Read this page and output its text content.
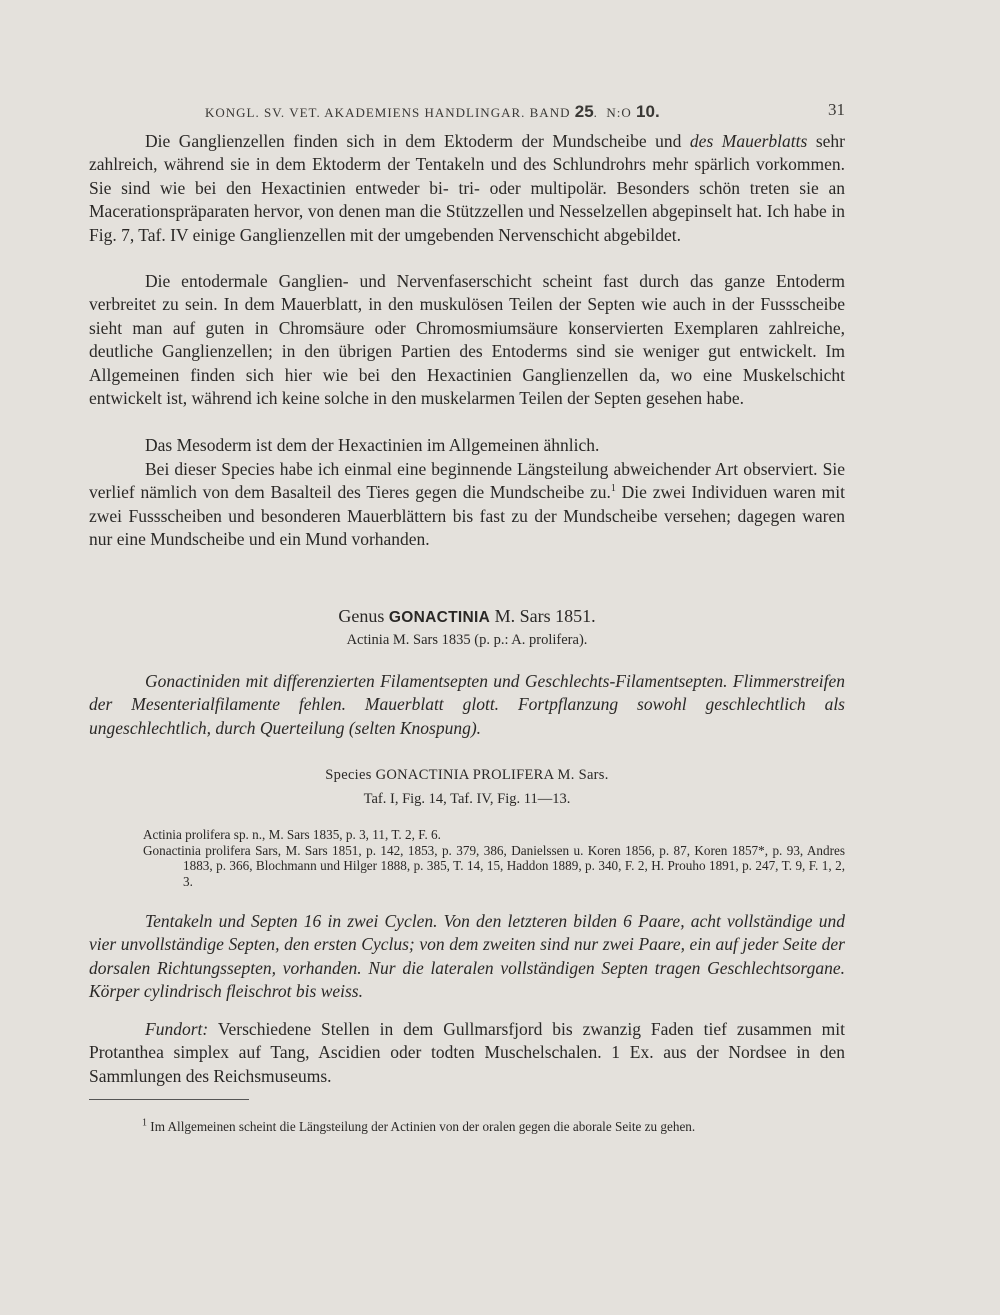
KONGL. SV. VET. AKADEMIENS HANDLINGAR. BAND 25.  N:O 10.	31

Die Ganglienzellen finden sich in dem Ektoderm der Mundscheibe und des Mauerblatts sehr zahlreich, während sie in dem Ektoderm der Tentakeln und des Schlundrohrs mehr spärlich vorkommen. Sie sind wie bei den Hexactinien entweder bi- tri- oder multipolär. Besonders schön treten sie an Macerationspräparaten hervor, von denen man die Stützzellen und Nesselzellen abgepinselt hat. Ich habe in Fig. 7, Taf. IV einige Ganglienzellen mit der umgebenden Nervenschicht abgebildet.

Die entodermale Ganglien- und Nervenfaserschicht scheint fast durch das ganze Entoderm verbreitet zu sein. In dem Mauerblatt, in den muskulösen Teilen der Septen wie auch in der Fussscheibe sieht man auf guten in Chromsäure oder Chromosmiumsäure konservierten Exemplaren zahlreiche, deutliche Ganglienzellen; in den übrigen Partien des Entoderms sind sie weniger gut entwickelt. Im Allgemeinen finden sich hier wie bei den Hexactinien Ganglienzellen da, wo eine Muskelschicht entwickelt ist, während ich keine solche in den muskelarmen Teilen der Septen gesehen habe.

Das Mesoderm ist dem der Hexactinien im Allgemeinen ähnlich.

Bei dieser Species habe ich einmal eine beginnende Längsteilung abweichender Art observiert. Sie verlief nämlich von dem Basalteil des Tieres gegen die Mundscheibe zu.$^1$ Die zwei Individuen waren mit zwei Fussscheiben und besonderen Mauerblättern bis fast zu der Mundscheibe versehen; dagegen waren nur eine Mundscheibe und ein Mund vorhanden.

Genus GONACTINIA M. Sars 1851.
Actinia M. Sars 1835 (p. p.: A. prolifera).

Gonactiniden mit differenzierten Filamentsepten und Geschlechts-Filamentsepten. Flimmerstreifen der Mesenterialfilamente fehlen. Mauerblatt glott. Fortpflanzung sowohl geschlechtlich als ungeschlechtlich, durch Querteilung (selten Knospung).

Species GONACTINIA PROLIFERA M. Sars.
Taf. I, Fig. 14, Taf. IV, Fig. 11—13.
Actinia prolifera sp. n., M. Sars 1835, p. 3, 11, T. 2, F. 6.
Gonactinia prolifera Sars, M. Sars 1851, p. 142, 1853, p. 379, 386, Danielssen u. Koren 1856, p. 87, Koren 1857*, p. 93, Andres 1883, p. 366, Blochmann und Hilger 1888, p. 385, T. 14, 15, Haddon 1889, p. 340, F. 2, H. Prouho 1891, p. 247, T. 9, F. 1, 2, 3.

Tentakeln und Septen 16 in zwei Cyclen. Von den letzteren bilden 6 Paare, acht vollständige und vier unvollständige Septen, den ersten Cyclus; von dem zweiten sind nur zwei Paare, ein auf jeder Seite der dorsalen Richtungssepten, vorhanden. Nur die lateralen vollständigen Septen tragen Geschlechtsorgane. Körper cylindrisch fleischrot bis weiss.

Fundort: Verschiedene Stellen in dem Gullmarsfjord bis zwanzig Faden tief zusammen mit Protanthea simplex auf Tang, Ascidien oder todten Muschelschalen. 1 Ex. aus der Nordsee in den Sammlungen des Reichsmuseums.

$^1$ Im Allgemeinen scheint die Längsteilung der Actinien von der oralen gegen die aborale Seite zu gehen.
